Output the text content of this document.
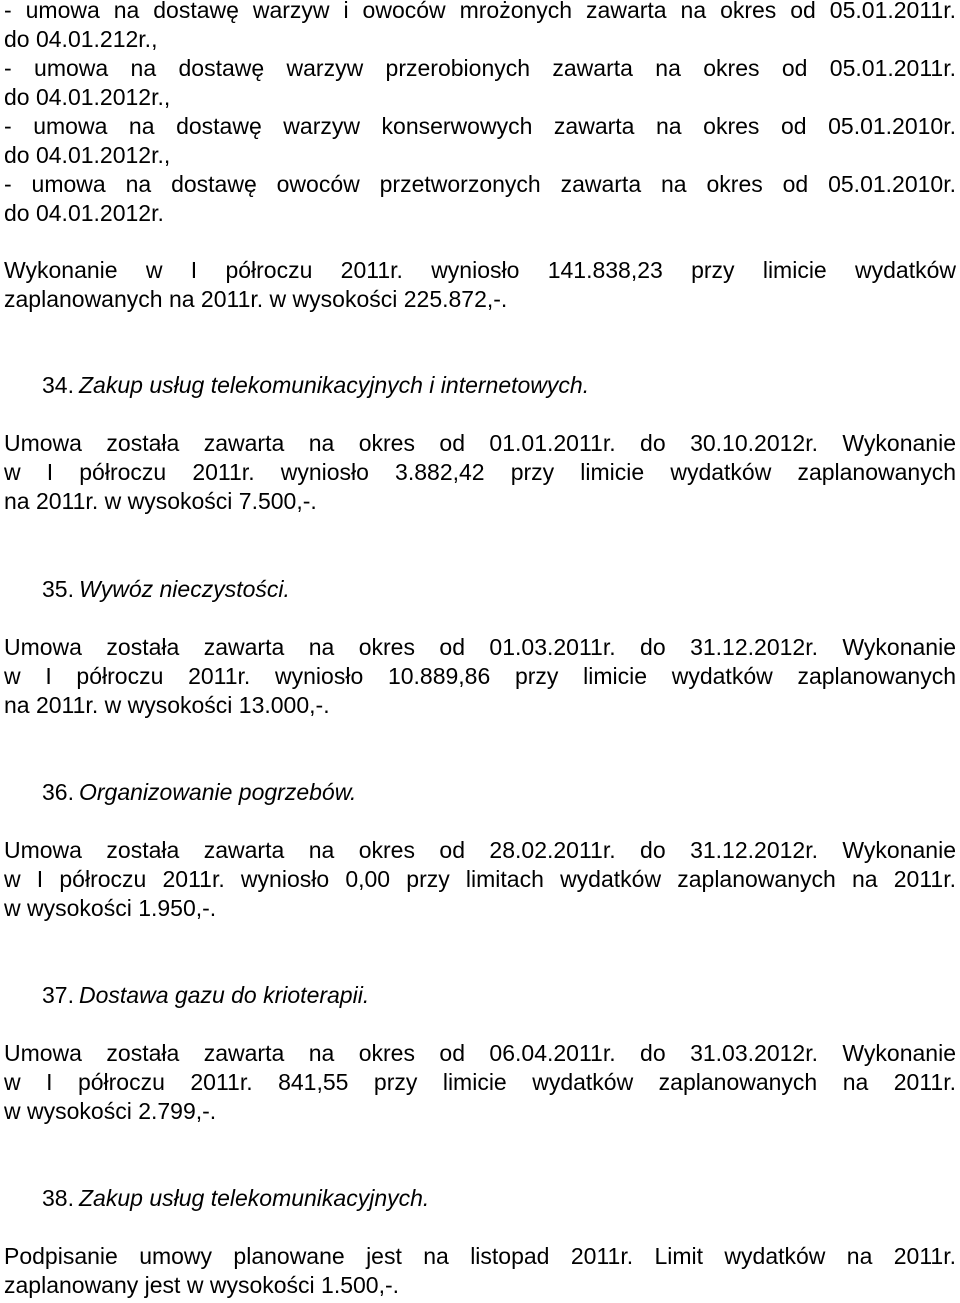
- umowa na dostawę warzyw i owoców mrożonych zawarta na okres od 05.01.2011r.
do 04.01.212r.,
- umowa na dostawę warzyw przerobionych zawarta na okres od 05.01.2011r.
do 04.01.2012r.,
- umowa na dostawę warzyw konserwowych zawarta na okres od 05.01.2010r.
do 04.01.2012r.,
- umowa na dostawę owoców przetworzonych zawarta na okres od 05.01.2010r.
do 04.01.2012r.
Wykonanie w I półroczu 2011r. wyniosło 141.838,23 przy limicie wydatków
zaplanowanych na 2011r. w wysokości 225.872,-.
34. Zakup usług telekomunikacyjnych i internetowych.
Umowa została zawarta na okres od 01.01.2011r. do 30.10.2012r. Wykonanie
w I półroczu 2011r. wyniosło 3.882,42 przy limicie wydatków zaplanowanych
na 2011r. w wysokości 7.500,-.
35. Wywóz nieczystości.
Umowa została zawarta na okres od 01.03.2011r. do 31.12.2012r. Wykonanie
w I półroczu 2011r. wyniosło 10.889,86 przy limicie wydatków zaplanowanych
na 2011r. w wysokości 13.000,-.
36. Organizowanie pogrzebów.
Umowa została zawarta na okres od 28.02.2011r. do 31.12.2012r. Wykonanie
w I półroczu 2011r. wyniosło 0,00 przy limitach wydatków zaplanowanych na 2011r.
w wysokości 1.950,-.
37. Dostawa gazu do krioterapii.
Umowa została zawarta na okres od 06.04.2011r. do 31.03.2012r. Wykonanie
w I półroczu 2011r. 841,55 przy limicie wydatków zaplanowanych na 2011r.
w wysokości 2.799,-.
38. Zakup usług telekomunikacyjnych.
Podpisanie umowy planowane jest na listopad 2011r. Limit wydatków na 2011r.
zaplanowany jest w wysokości 1.500,-.
